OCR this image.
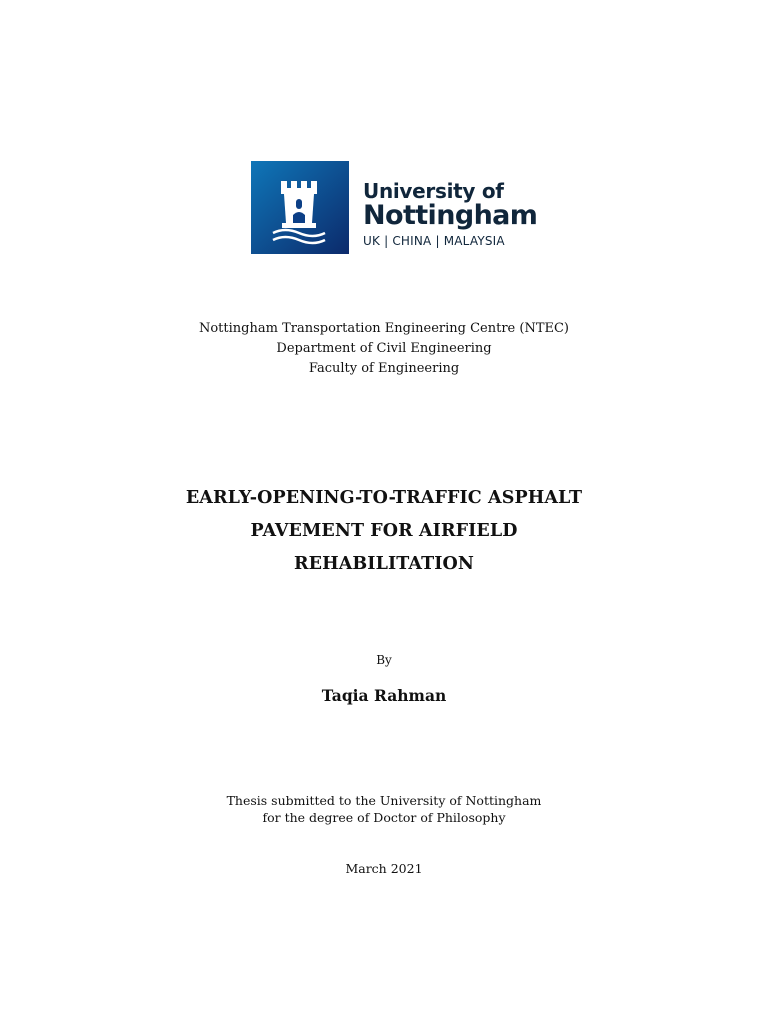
University of
Nottingham
UK | CHINA | MALAYSIA
Nottingham Transportation Engineering Centre (NTEC)
Department of Civil Engineering
Faculty of Engineering
EARLY-OPENING-TO-TRAFFIC ASPHALT
PAVEMENT FOR AIRFIELD
REHABILITATION
By
Taqia Rahman
Thesis submitted to the University of Nottingham
for the degree of Doctor of Philosophy
March 2021
